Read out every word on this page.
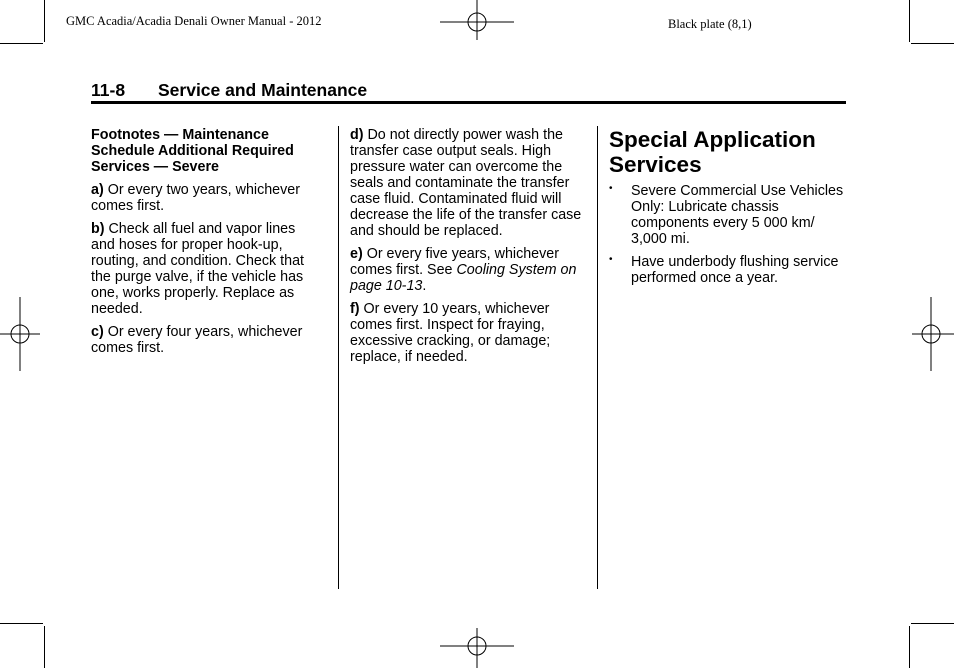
GMC Acadia/Acadia Denali Owner Manual - 2012	Black plate (8,1)
11-8 Service and Maintenance

Footnotes — Maintenance Schedule Additional Required Services — Severe

a) Or every two years, whichever comes first.

b) Check all fuel and vapor lines and hoses for proper hook-up, routing, and condition. Check that the purge valve, if the vehicle has one, works properly. Replace as needed.

c) Or every four years, whichever comes first.

d) Do not directly power wash the transfer case output seals. High pressure water can overcome the seals and contaminate the transfer case fluid. Contaminated fluid will decrease the life of the transfer case and should be replaced.

e) Or every five years, whichever comes first. See Cooling System on page 10-13.

f) Or every 10 years, whichever comes first. Inspect for fraying, excessive cracking, or damage; replace, if needed.

Special Application Services
• Severe Commercial Use Vehicles Only: Lubricate chassis components every 5 000 km/ 3,000 mi.
• Have underbody flushing service performed once a year.
